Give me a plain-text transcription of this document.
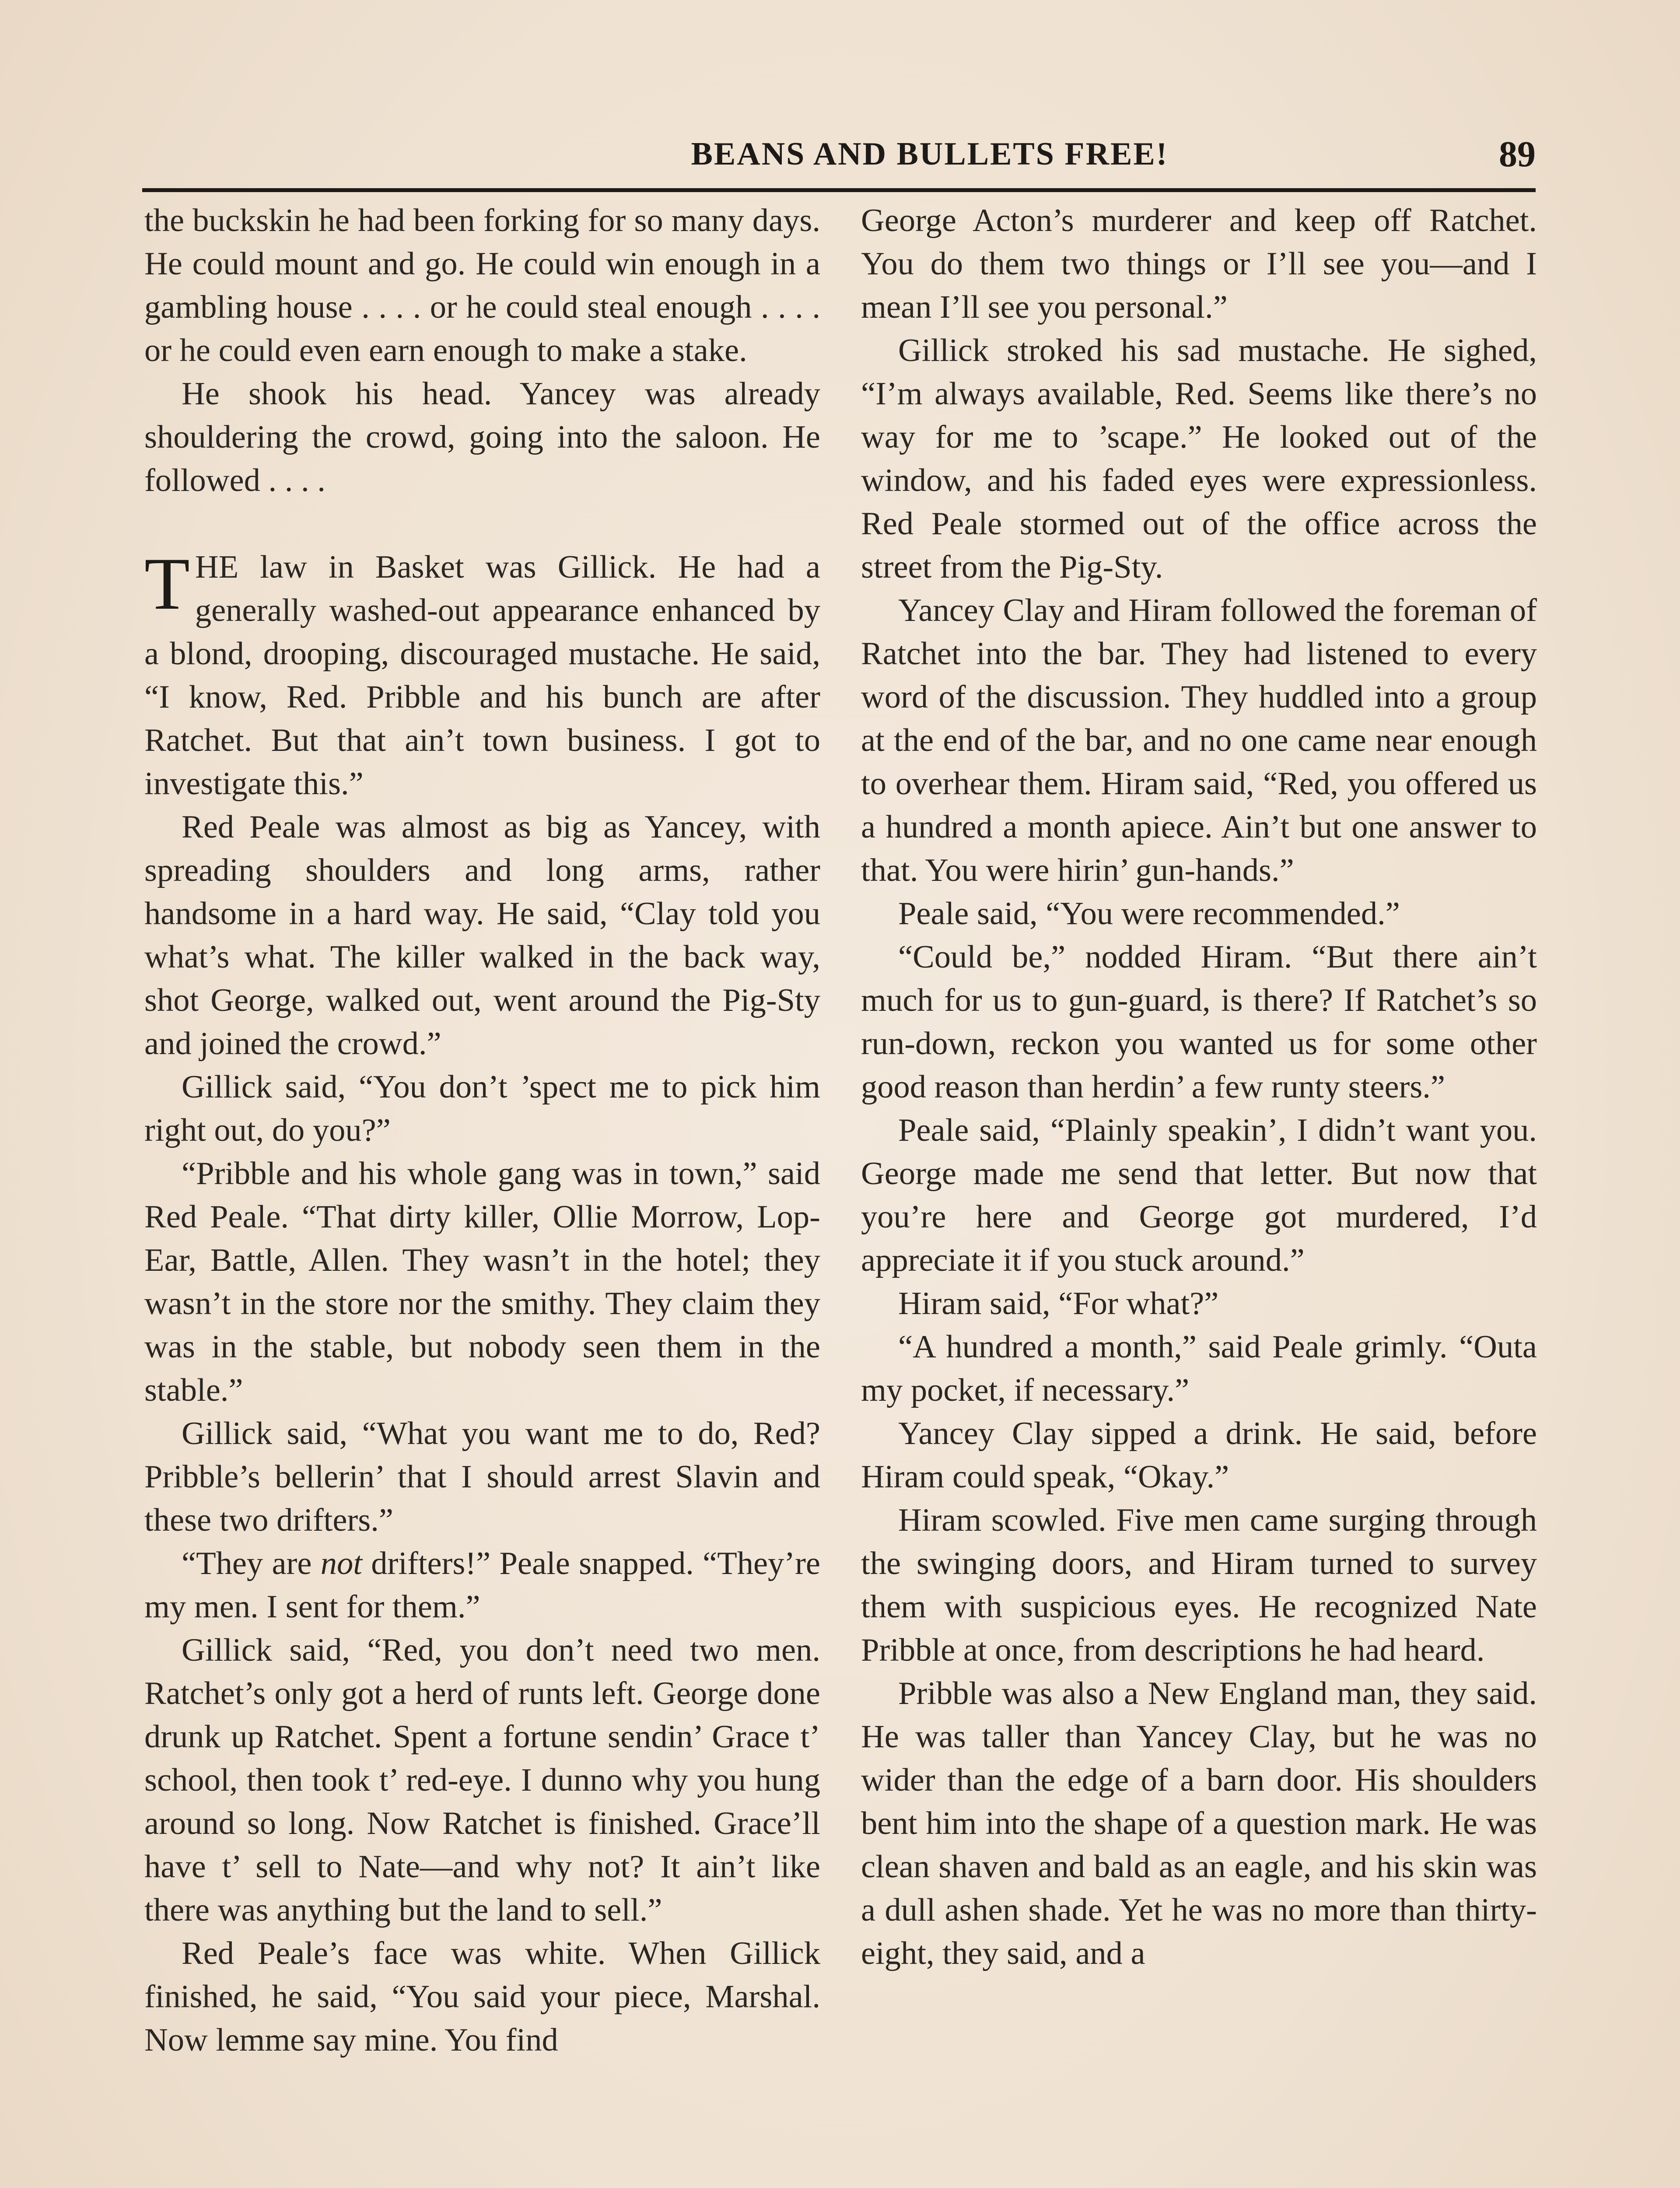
BEANS AND BULLETS FREE!	89

the buckskin he had been forking for so many days. He could mount and go. He could win enough in a gambling house . . . . or he could steal enough . . . . or he could even earn enough to make a stake.

He shook his head. Yancey was already shouldering the crowd, going into the saloon. He followed . . . .

THE law in Basket was Gillick. He had a generally washed-out appearance enhanced by a blond, drooping, discouraged mustache. He said, “I know, Red. Pribble and his bunch are after Ratchet. But that ain’t town business. I got to investigate this.”

Red Peale was almost as big as Yancey, with spreading shoulders and long arms, rather handsome in a hard way. He said, “Clay told you what’s what. The killer walked in the back way, shot George, walked out, went around the Pig-Sty and joined the crowd.”

Gillick said, “You don’t ’spect me to pick him right out, do you?”

“Pribble and his whole gang was in town,” said Red Peale. “That dirty killer, Ollie Morrow, Lop-Ear, Battle, Allen. They wasn’t in the hotel; they wasn’t in the store nor the smithy. They claim they was in the stable, but nobody seen them in the stable.”

Gillick said, “What you want me to do, Red? Pribble’s bellerin’ that I should arrest Slavin and these two drifters.”

“They are not drifters!” Peale snapped. “They’re my men. I sent for them.”

Gillick said, “Red, you don’t need two men. Ratchet’s only got a herd of runts left. George done drunk up Ratchet. Spent a fortune sendin’ Grace t’ school, then took t’ red-eye. I dunno why you hung around so long. Now Ratchet is finished. Grace’ll have t’ sell to Nate—and why not? It ain’t like there was anything but the land to sell.”

Red Peale’s face was white. When Gillick finished, he said, “You said your piece, Marshal. Now lemme say mine. You find

George Acton’s murderer and keep off Ratchet. You do them two things or I’ll see you—and I mean I’ll see you personal.”

Gillick stroked his sad mustache. He sighed, “I’m always available, Red. Seems like there’s no way for me to ’scape.” He looked out of the window, and his faded eyes were expressionless. Red Peale stormed out of the office across the street from the Pig-Sty.

Yancey Clay and Hiram followed the foreman of Ratchet into the bar. They had listened to every word of the discussion. They huddled into a group at the end of the bar, and no one came near enough to overhear them. Hiram said, “Red, you offered us a hundred a month apiece. Ain’t but one answer to that. You were hirin’ gun-hands.”

Peale said, “You were recommended.”

“Could be,” nodded Hiram. “But there ain’t much for us to gun-guard, is there? If Ratchet’s so run-down, reckon you wanted us for some other good reason than herdin’ a few runty steers.”

Peale said, “Plainly speakin’, I didn’t want you. George made me send that letter. But now that you’re here and George got murdered, I’d appreciate it if you stuck around.”

Hiram said, “For what?”

“A hundred a month,” said Peale grimly. “Outa my pocket, if necessary.”

Yancey Clay sipped a drink. He said, before Hiram could speak, “Okay.”

Hiram scowled. Five men came surging through the swinging doors, and Hiram turned to survey them with suspicious eyes. He recognized Nate Pribble at once, from descriptions he had heard.

Pribble was also a New England man, they said. He was taller than Yancey Clay, but he was no wider than the edge of a barn door. His shoulders bent him into the shape of a question mark. He was clean shaven and bald as an eagle, and his skin was a dull ashen shade. Yet he was no more than thirty-eight, they said, and a
